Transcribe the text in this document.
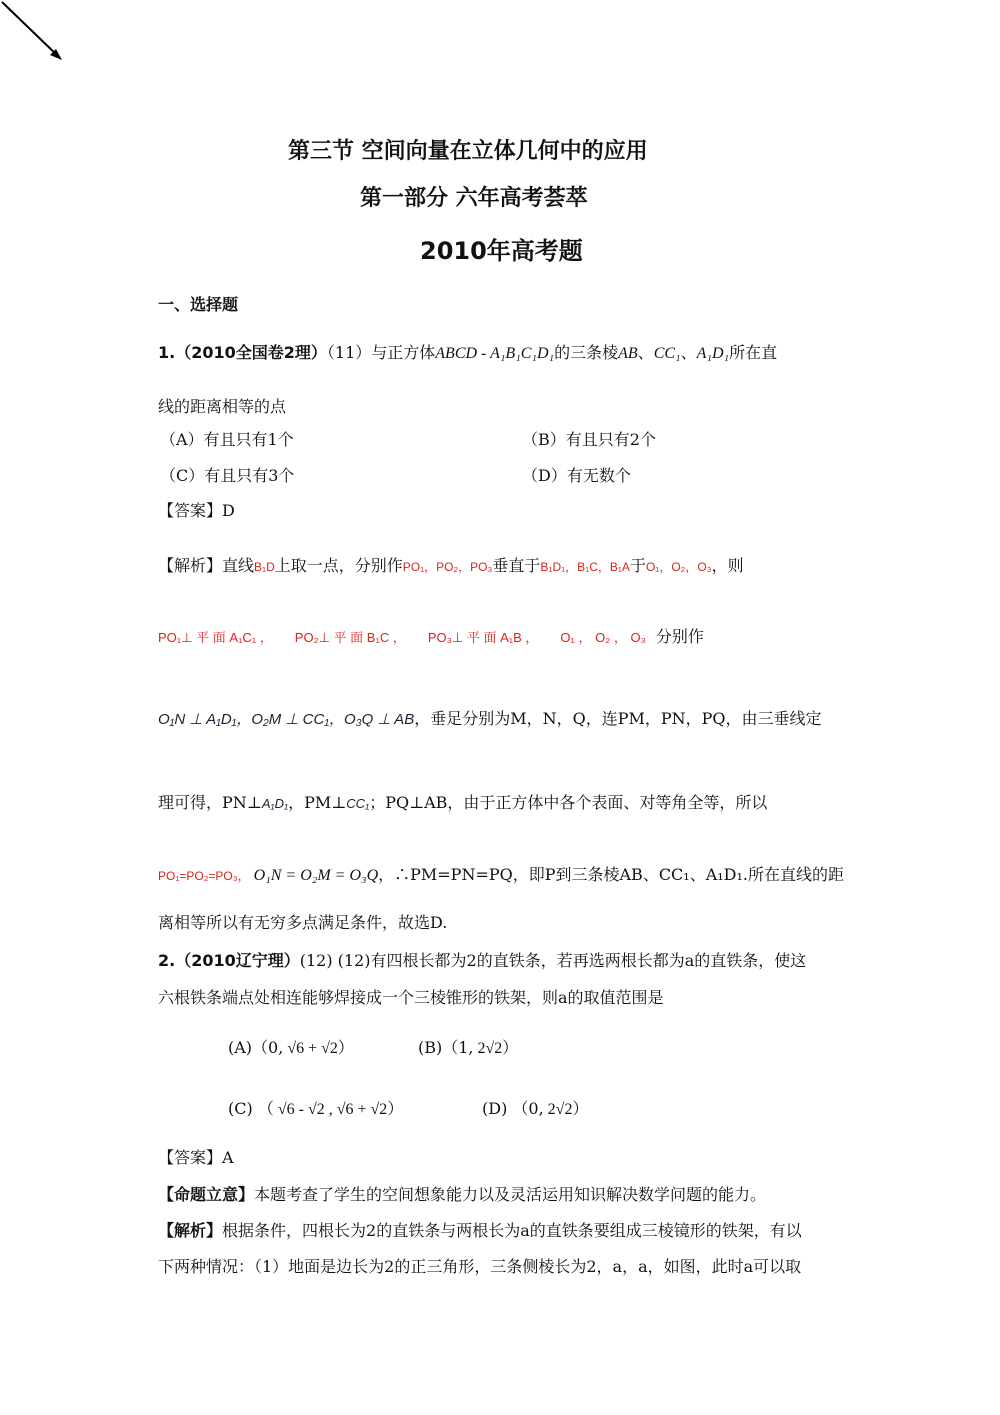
第三节 空间向量在立体几何中的应用
第一部分 六年高考荟萃
2010年高考题
一、选择题
1.（2010全国卷2理）（11）与正方体ABCD - A₁B₁C₁D₁的三条棱AB、CC₁、A₁D₁所在直
线的距离相等的点
（A）有且只有1个	（B）有且只有2个
（C）有且只有3个	（D）有无数个
【答案】D
【解析】直线B₁D上取一点，分别作PO₁，PO₂，PO₃垂直于B₁D₁，B₁C，B₁A于O₁，O₂，O₃，则
PO₁⊥ 平 面 A₁C₁ ， PO₂⊥ 平 面 B₁C ， PO₃⊥ 平 面 A₁B ， O₁ ， O₂ ， O₃ 分别作
O₁N ⊥ A₁D₁，O₂M ⊥ CC₁，O₃Q ⊥ AB，垂足分别为M，N，Q，连PM，PN，PQ，由三垂线定
理可得，PN⊥A₁D₁，PM⊥CC₁；PQ⊥AB，由于正方体中各个表面、对等角全等，所以
PO₁=PO₂=PO₃， O₁N = O₂M = O₃Q，∴PM=PN=PQ，即P到三条棱AB、CC₁、A₁D₁.所在直线的距
离相等所以有无穷多点满足条件，故选D.
2.（2010辽宁理）(12) (12)有四根长都为2的直铁条，若再选两根长都为a的直铁条，使这
六根铁条端点处相连能够焊接成一个三棱锥形的铁架，则a的取值范围是
(A)（0, √6 + √2）	(B)（1, 2√2）
(C) （ √6 - √2 , √6 + √2）	(D) （0, 2√2）
【答案】A
【命题立意】本题考查了学生的空间想象能力以及灵活运用知识解决数学问题的能力。
【解析】根据条件，四根长为2的直铁条与两根长为a的直铁条要组成三棱镜形的铁架，有以
下两种情况：（1）地面是边长为2的正三角形，三条侧棱长为2，a，a，如图，此时a可以取
